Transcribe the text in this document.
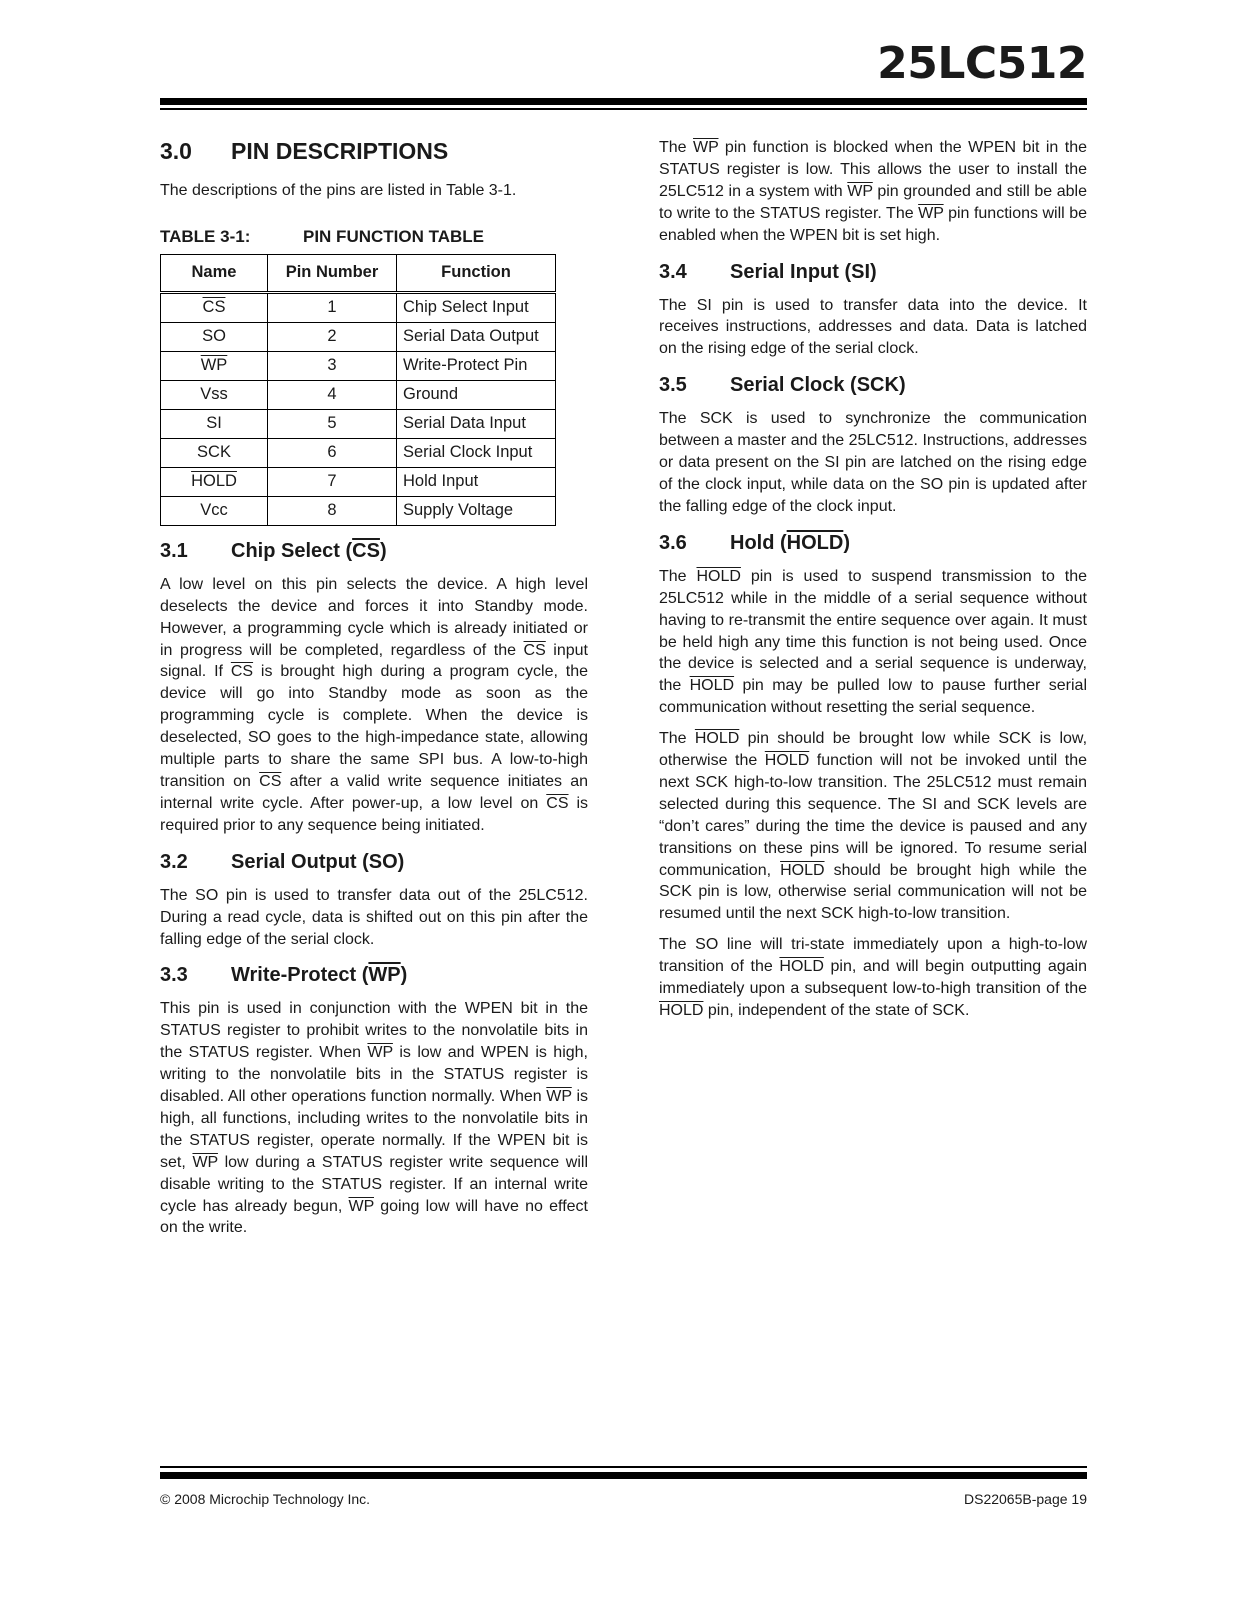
25LC512
3.0 PIN DESCRIPTIONS

The descriptions of the pins are listed in Table 3-1.

TABLE 3-1:	PIN FUNCTION TABLE
Name	Pin Number	Function
$\overline{CS}$	1	Chip Select Input
SO	2	Serial Data Output
$\overline{WP}$	3	Write-Protect Pin
Vss	4	Ground
SI	5	Serial Data Input
SCK	6	Serial Clock Input
HOLD	7	Hold Input
Vcc	8	Supply Voltage
3.1 Chip Select (CS)

A low level on this pin selects the device. A high level deselects the device and forces it into Standby mode. However, a programming cycle which is already initiated or in progress will be completed, regardless of the $\overline{CS}$ input signal. If $\overline{CS}$ is brought high during a program cycle, the device will go into Standby mode as soon as the programming cycle is complete. When the device is deselected, SO goes to the high-impedance state, allowing multiple parts to share the same SPI bus. A low-to-high transition on $\overline{CS}$ after a valid write sequence initiates an internal write cycle. After power-up, a low level on $\overline{CS}$ is required prior to any sequence being initiated.

3.2 Serial Output (SO)

The SO pin is used to transfer data out of the 25LC512. During a read cycle, data is shifted out on this pin after the falling edge of the serial clock.

3.3 Write-Protect (WP)

This pin is used in conjunction with the WPEN bit in the STATUS register to prohibit writes to the nonvolatile bits in the STATUS register. When $\overline{WP}$ is low and WPEN is high, writing to the nonvolatile bits in the STATUS register is disabled. All other operations function normally. When $\overline{WP}$ is high, all functions, including writes to the nonvolatile bits in the STATUS register, operate normally. If the WPEN bit is set, $\overline{WP}$ low during a STATUS register write sequence will disable writing to the STATUS register. If an internal write cycle has already begun, $\overline{WP}$ going low will have no effect on the write.

The $\overline{WP}$ pin function is blocked when the WPEN bit in the STATUS register is low. This allows the user to install the 25LC512 in a system with $\overline{WP}$ pin grounded and still be able to write to the STATUS register. The $\overline{WP}$ pin functions will be enabled when the WPEN bit is set high.

3.4 Serial Input (SI)

The SI pin is used to transfer data into the device. It receives instructions, addresses and data. Data is latched on the rising edge of the serial clock.

3.5 Serial Clock (SCK)

The SCK is used to synchronize the communication between a master and the 25LC512. Instructions, addresses or data present on the SI pin are latched on the rising edge of the clock input, while data on the SO pin is updated after the falling edge of the clock input.

3.6 Hold (HOLD)

The HOLD pin is used to suspend transmission to the 25LC512 while in the middle of a serial sequence without having to re-transmit the entire sequence over again. It must be held high any time this function is not being used. Once the device is selected and a serial sequence is underway, the HOLD pin may be pulled low to pause further serial communication without resetting the serial sequence.

The HOLD pin should be brought low while SCK is low, otherwise the HOLD function will not be invoked until the next SCK high-to-low transition. The 25LC512 must remain selected during this sequence. The SI and SCK levels are “don’t cares” during the time the device is paused and any transitions on these pins will be ignored. To resume serial communication, HOLD should be brought high while the SCK pin is low, otherwise serial communication will not be resumed until the next SCK high-to-low transition.

The SO line will tri-state immediately upon a high-to-low transition of the HOLD pin, and will begin outputting again immediately upon a subsequent low-to-high transition of the HOLD pin, independent of the state of SCK.

© 2008 Microchip Technology Inc.	DS22065B-page 19
